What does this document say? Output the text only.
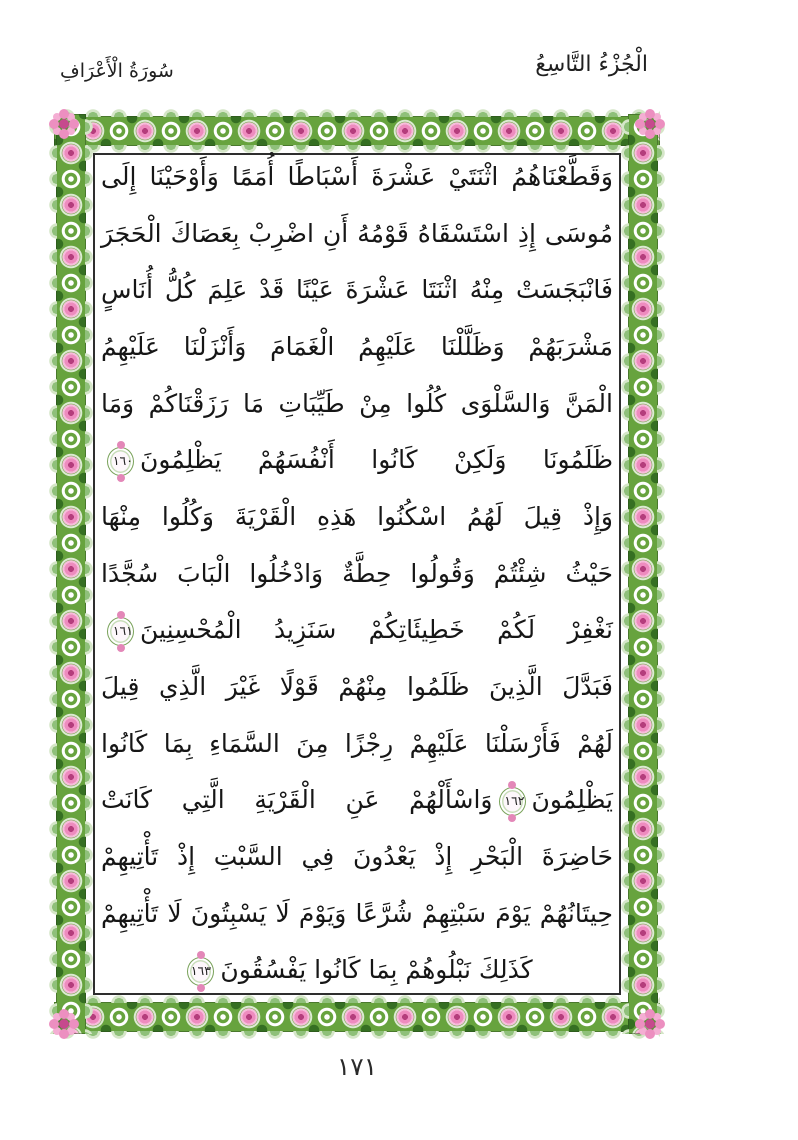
الْجُزْءُ التَّاسِعُ
سُورَةُ الْأَعْرَافِ
وَقَطَّعْنَاهُمُ اثْنَتَيْ عَشْرَةَ أَسْبَاطًا أُمَمًا وَأَوْحَيْنَا إِلَى
مُوسَى إِذِ اسْتَسْقَاهُ قَوْمُهُ أَنِ اضْرِبْ بِعَصَاكَ الْحَجَرَ
فَانْبَجَسَتْ مِنْهُ اثْنَتَا عَشْرَةَ عَيْنًا قَدْ عَلِمَ كُلُّ أُنَاسٍ
مَشْرَبَهُمْ وَظَلَّلْنَا عَلَيْهِمُ الْغَمَامَ وَأَنْزَلْنَا عَلَيْهِمُ
الْمَنَّ وَالسَّلْوَى كُلُوا مِنْ طَيِّبَاتِ مَا رَزَقْنَاكُمْ وَمَا
ظَلَمُونَا وَلَكِنْ كَانُوا أَنْفُسَهُمْ يَظْلِمُونَ١٦٠
وَإِذْ قِيلَ لَهُمُ اسْكُنُوا هَذِهِ الْقَرْيَةَ وَكُلُوا مِنْهَا
حَيْثُ شِئْتُمْ وَقُولُوا حِطَّةٌ وَادْخُلُوا الْبَابَ سُجَّدًا
نَغْفِرْ لَكُمْ خَطِيئَاتِكُمْ سَنَزِيدُ الْمُحْسِنِينَ١٦١
فَبَدَّلَ الَّذِينَ ظَلَمُوا مِنْهُمْ قَوْلًا غَيْرَ الَّذِي قِيلَ
لَهُمْ فَأَرْسَلْنَا عَلَيْهِمْ رِجْزًا مِنَ السَّمَاءِ بِمَا كَانُوا
يَظْلِمُونَ١٦٢وَاسْأَلْهُمْ عَنِ الْقَرْيَةِ الَّتِي كَانَتْ
حَاضِرَةَ الْبَحْرِ إِذْ يَعْدُونَ فِي السَّبْتِ إِذْ تَأْتِيهِمْ
حِيتَانُهُمْ يَوْمَ سَبْتِهِمْ شُرَّعًا وَيَوْمَ لَا يَسْبِتُونَ لَا تَأْتِيهِمْ
كَذَلِكَ نَبْلُوهُمْ بِمَا كَانُوا يَفْسُقُونَ١٦٣
١٧١
